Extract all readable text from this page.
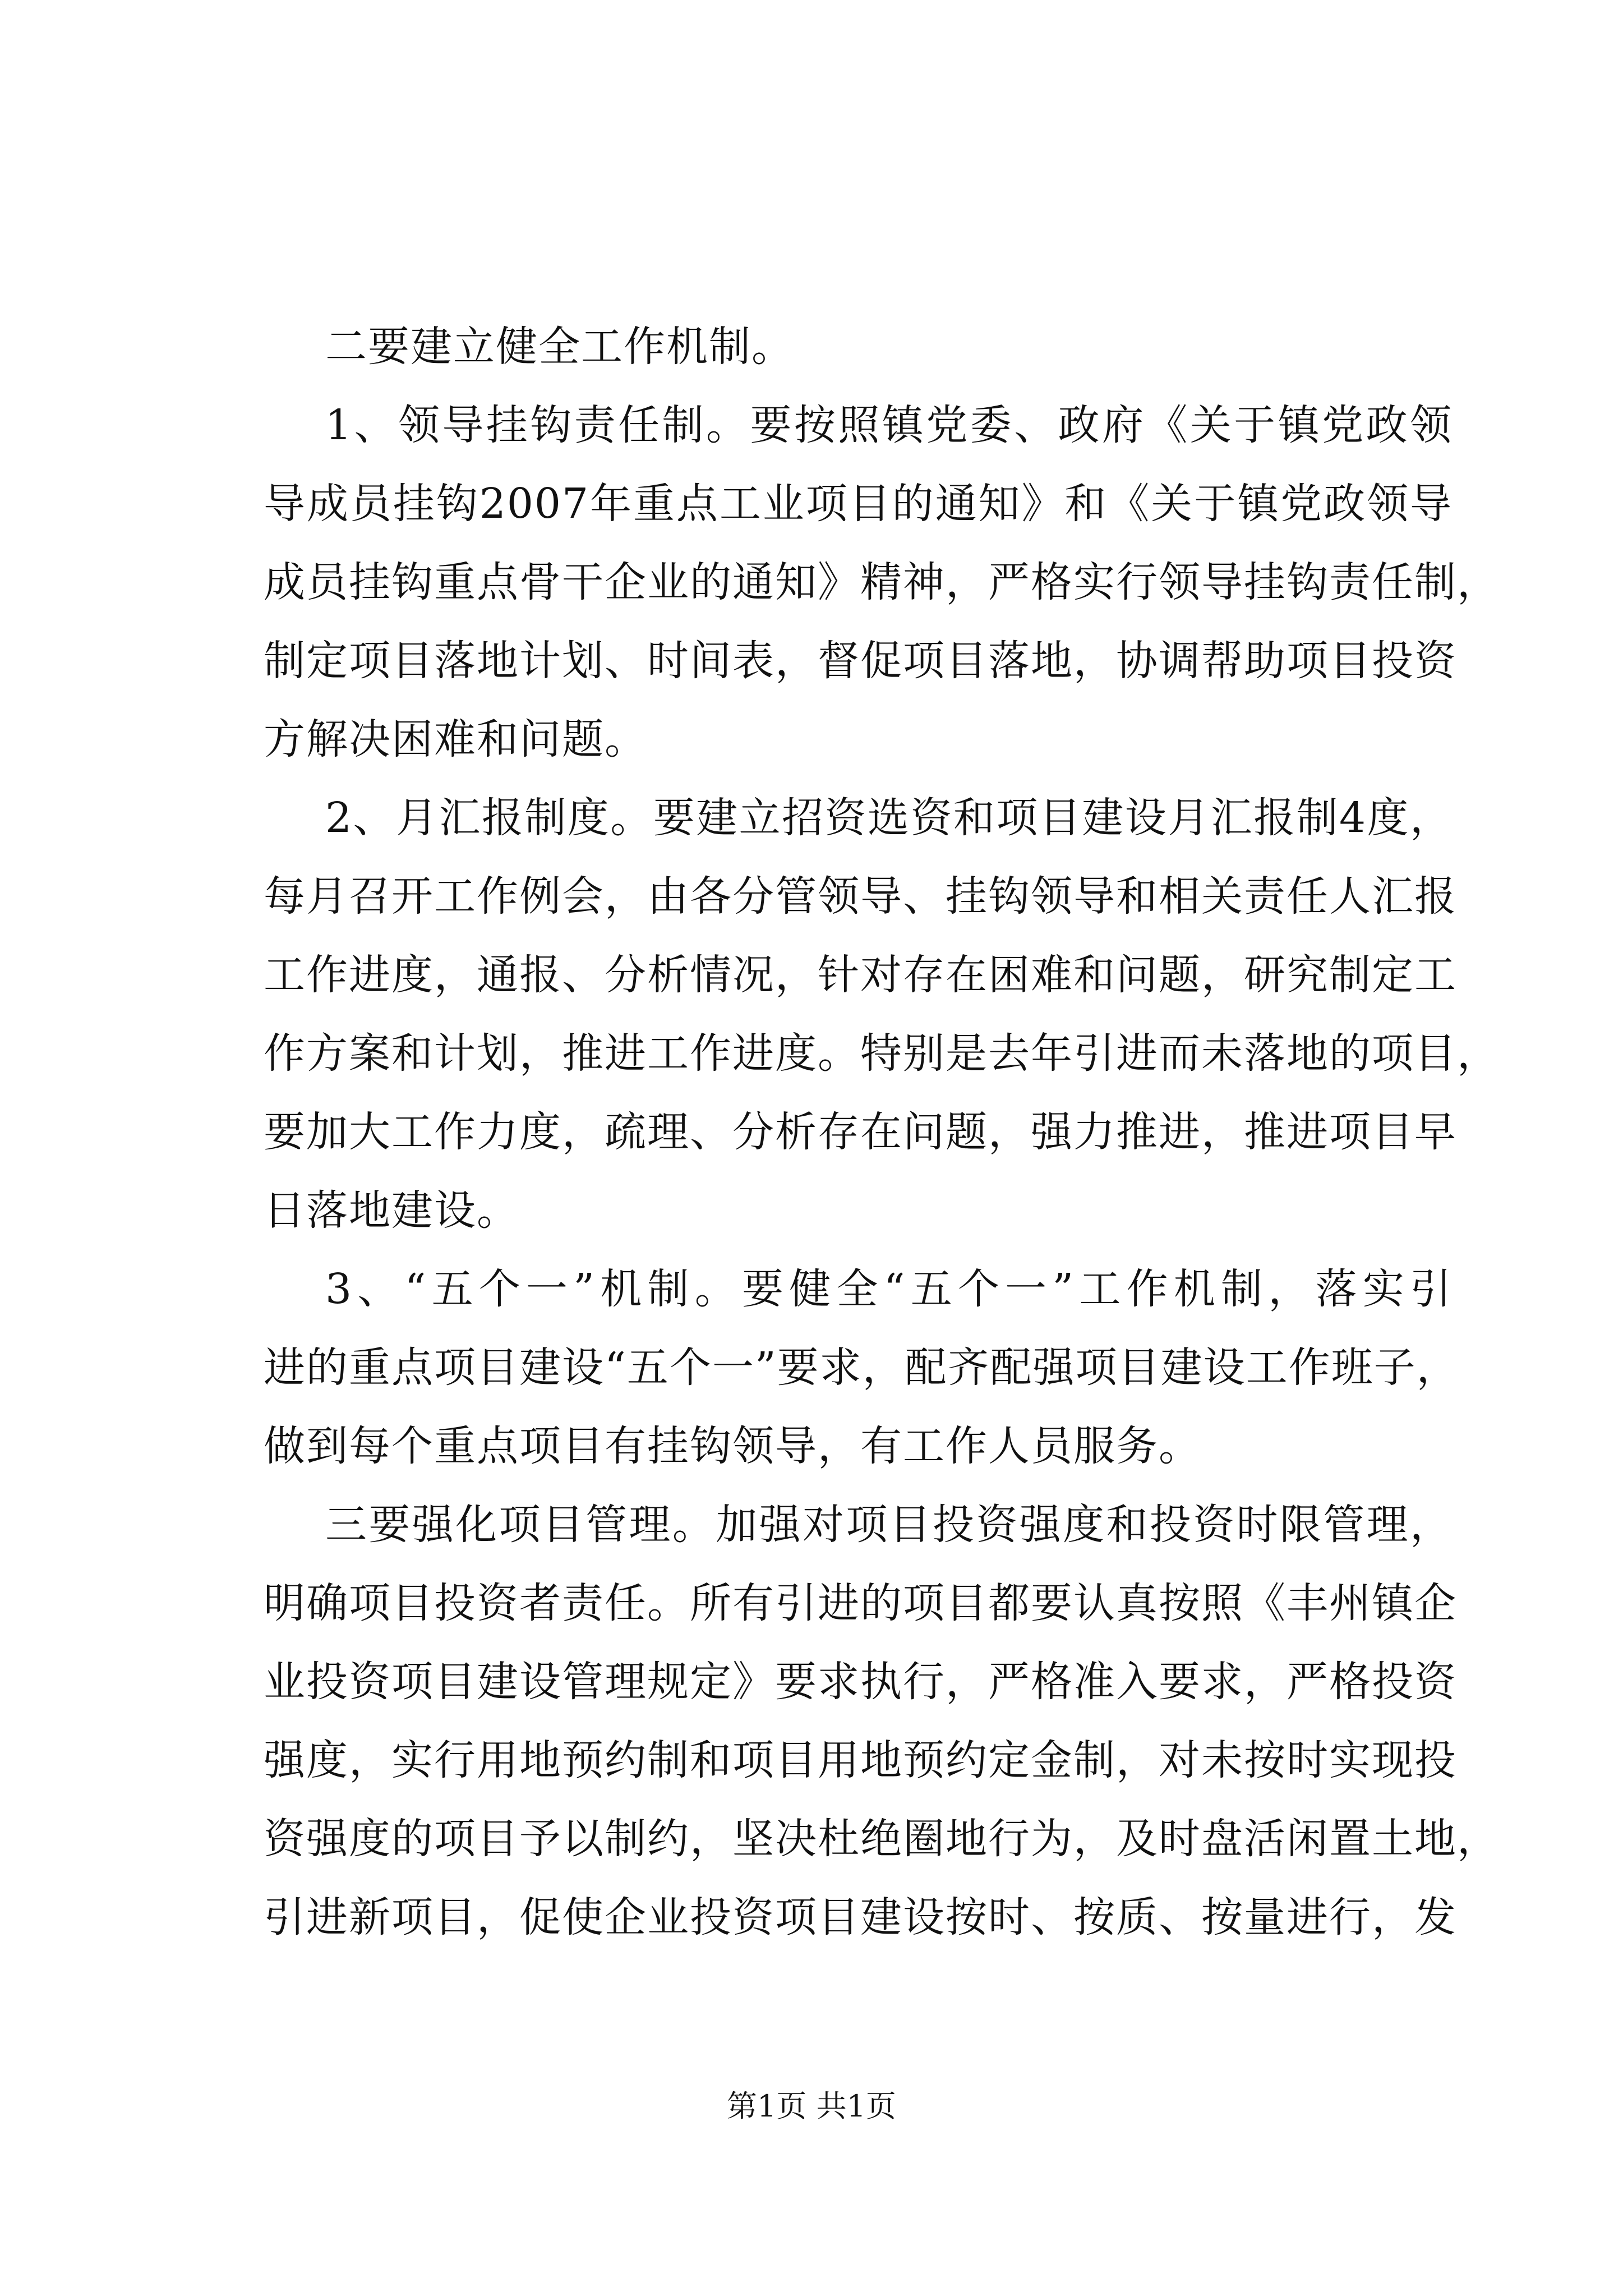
二要建立健全工作机制。
1、领导挂钩责任制。要按照镇党委、政府《关于镇党政领
导成员挂钩2007年重点工业项目的通知》和《关于镇党政领导
成员挂钩重点骨干企业的通知》精神，严格实行领导挂钩责任制，
制定项目落地计划、时间表，督促项目落地，协调帮助项目投资
方解决困难和问题。
2、月汇报制度。要建立招资选资和项目建设月汇报制4度，
每月召开工作例会，由各分管领导、挂钩领导和相关责任人汇报
工作进度，通报、分析情况，针对存在困难和问题，研究制定工
作方案和计划，推进工作进度。特别是去年引进而未落地的项目，
要加大工作力度，疏理、分析存在问题，强力推进，推进项目早
日落地建设。
3、“五个一”机制。要健全“五个一”工作机制，落实引
进的重点项目建设“五个一”要求，配齐配强项目建设工作班子，
做到每个重点项目有挂钩领导，有工作人员服务。
三要强化项目管理。加强对项目投资强度和投资时限管理，
明确项目投资者责任。所有引进的项目都要认真按照《丰州镇企
业投资项目建设管理规定》要求执行，严格准入要求，严格投资
强度，实行用地预约制和项目用地预约定金制，对未按时实现投
资强度的项目予以制约，坚决杜绝圈地行为，及时盘活闲置土地，
引进新项目，促使企业投资项目建设按时、按质、按量进行，发
第1页 共1页
